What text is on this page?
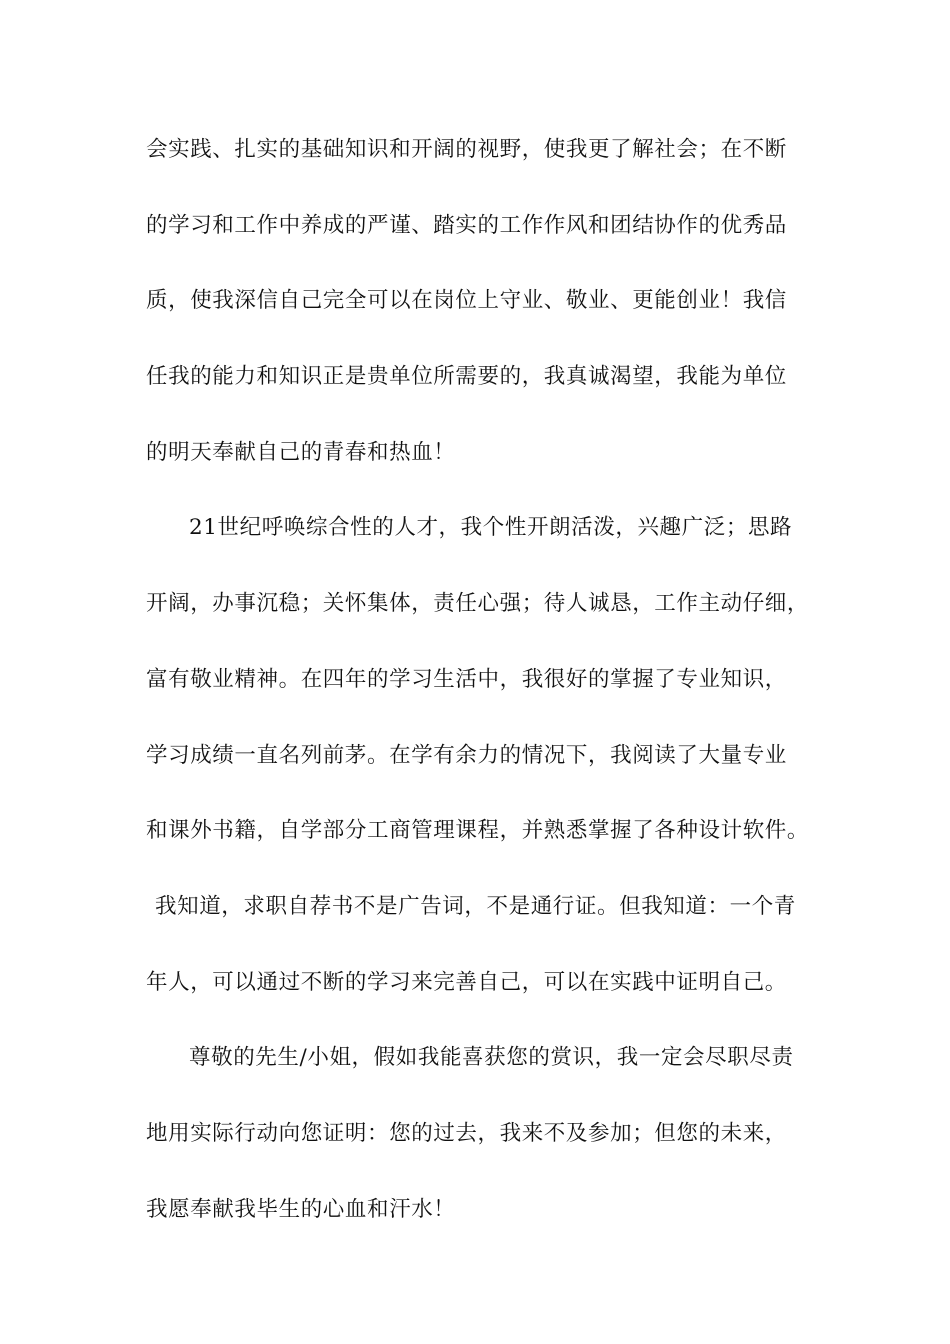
会实践、扎实的基础知识和开阔的视野，使我更了解社会；在不断
的学习和工作中养成的严谨、踏实的工作作风和团结协作的优秀品
质，使我深信自己完全可以在岗位上守业、敬业、更能创业！我信
任我的能力和知识正是贵单位所需要的，我真诚渴望，我能为单位
的明天奉献自己的青春和热血！
21世纪呼唤综合性的人才，我个性开朗活泼，兴趣广泛；思路
开阔，办事沉稳；关怀集体，责任心强；待人诚恳，工作主动仔细，
富有敬业精神。在四年的学习生活中，我很好的掌握了专业知识，
学习成绩一直名列前茅。在学有余力的情况下，我阅读了大量专业
和课外书籍，自学部分工商管理课程，并熟悉掌握了各种设计软件。
我知道，求职自荐书不是广告词，不是通行证。但我知道：一个青
年人，可以通过不断的学习来完善自己，可以在实践中证明自己。
尊敬的先生/小姐，假如我能喜获您的赏识，我一定会尽职尽责
地用实际行动向您证明：您的过去，我来不及参加；但您的未来，
我愿奉献我毕生的心血和汗水！
